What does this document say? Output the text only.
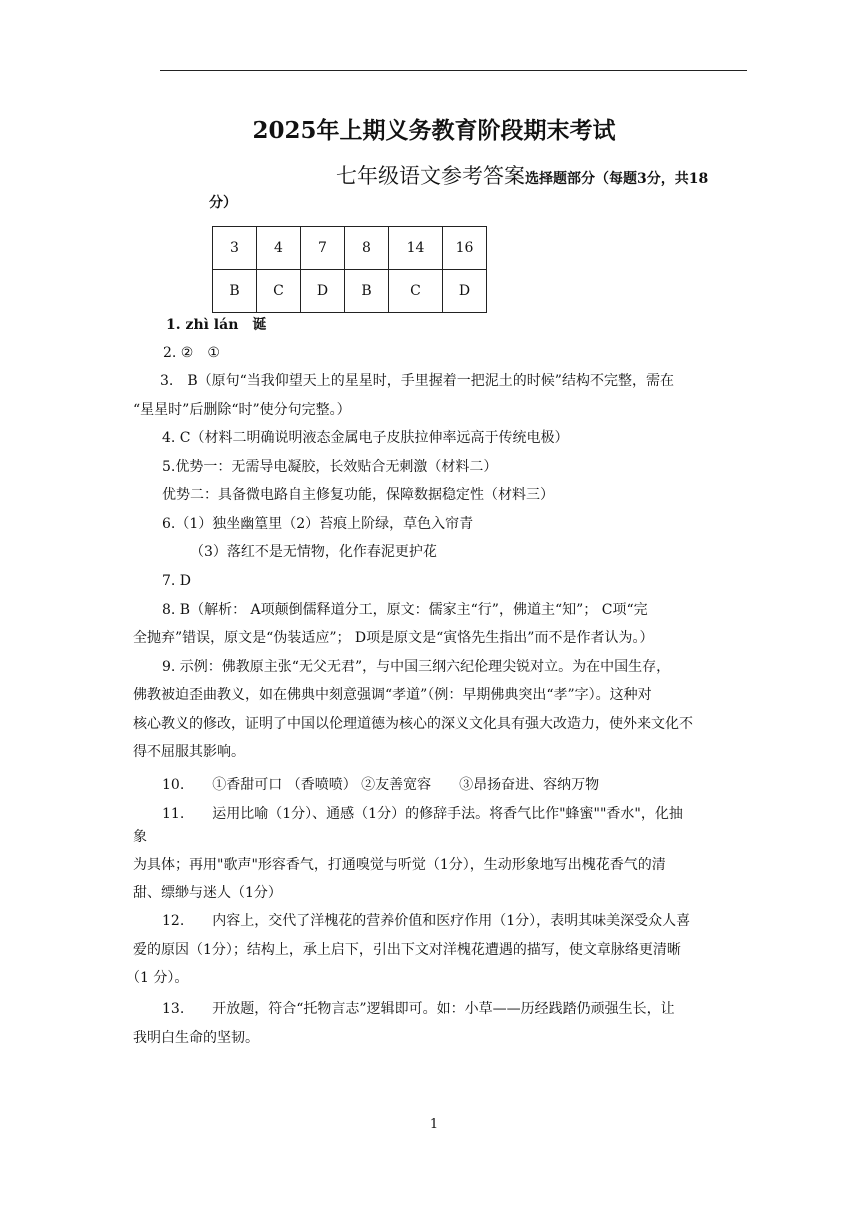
2025年上期义务教育阶段期末考试
七年级语文参考答案选择题部分（每题3分，共18
分）
3	4	7	8	14	16
B	C	D	B	C	D
1. zhì lán　诞
2. ②　①
3.　B（原句“当我仰望天上的星星时，手里握着一把泥土的时候”结构不完整，需在
“星星时”后删除“时”使分句完整。）
4. C（材料二明确说明液态金属电子皮肤拉伸率远高于传统电极）
5.优势一：无需导电凝胶，长效贴合无刺激（材料二）
优势二：具备微电路自主修复功能，保障数据稳定性（材料三）
6.（1）独坐幽篁里（2）苔痕上阶绿，草色入帘青
（3）落红不是无情物，化作春泥更护花
7. D
8. B（解析： A项颠倒儒释道分工，原文：儒家主“行”，佛道主“知”； C项“完
全抛弃”错误，原文是“伪装适应”； D项是原文是“寅恪先生指出”而不是作者认为。）
9. 示例：佛教原主张“无父无君”，与中国三纲六纪伦理尖锐对立。为在中国生存，
佛教被迫歪曲教义，如在佛典中刻意强调“孝道”（例：早期佛典突出“孝”字）。这种对
核心教义的修改，证明了中国以伦理道德为核心的深义文化具有强大改造力，使外来文化不
得不屈服其影响。
10.　　①香甜可口 （香喷喷） ②友善宽容　　③昂扬奋进、容纳万物
11.　　运用比喻（1分）、通感（1分）的修辞手法。将香气比作"蜂蜜""香水"，化抽
象
为具体；再用"歌声"形容香气，打通嗅觉与听觉（1分），生动形象地写出槐花香气的清
甜、缥缈与迷人（1分）
12.　　内容上，交代了洋槐花的营养价值和医疗作用（1分），表明其味美深受众人喜
爱的原因（1分）；结构上，承上启下，引出下文对洋槐花遭遇的描写，使文章脉络更清晰
（1 分）。
13.　　开放题，符合“托物言志”逻辑即可。如：小草——历经践踏仍顽强生长，让
我明白生命的坚韧。
1
